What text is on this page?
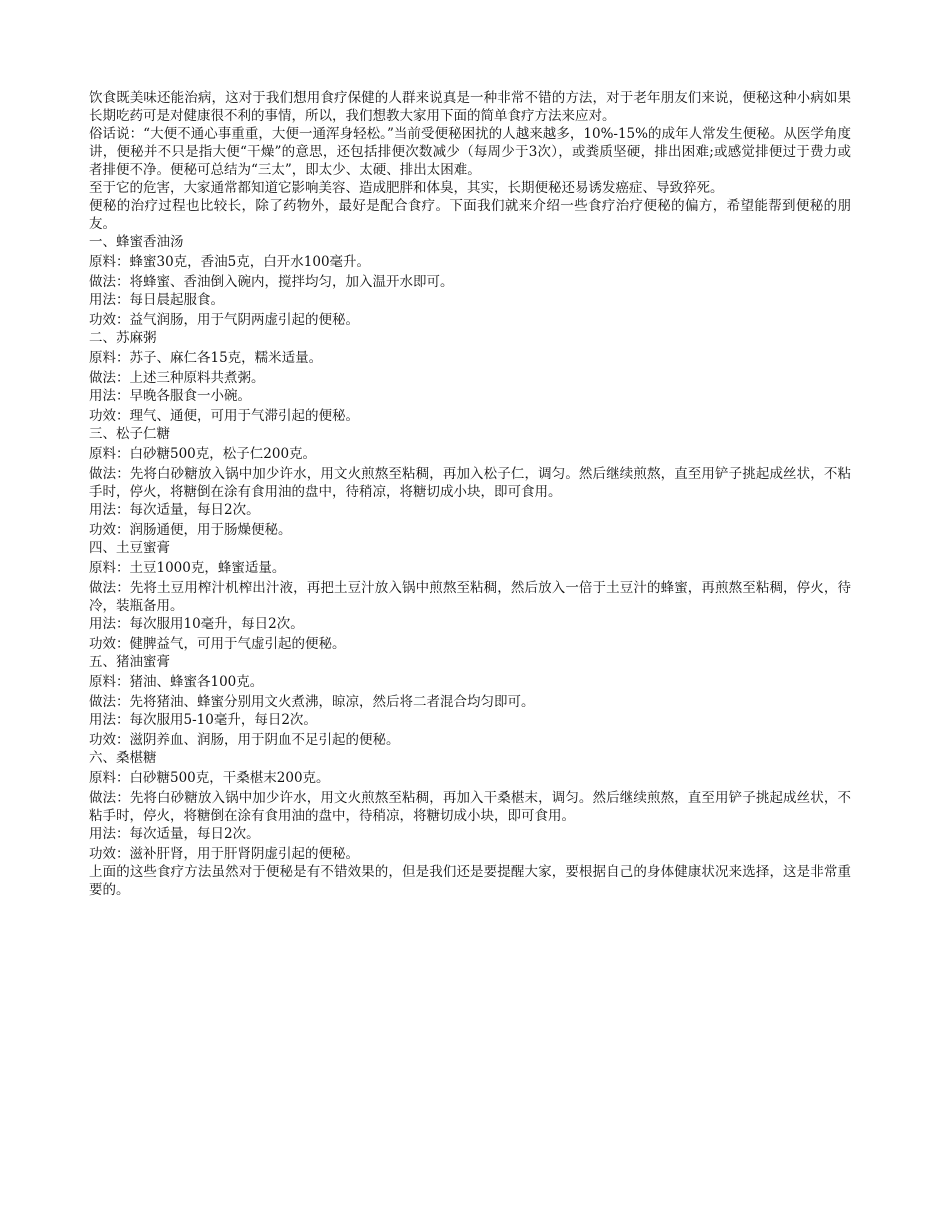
饮食既美味还能治病，这对于我们想用食疗保健的人群来说真是一种非常不错的方法，对于老年朋友们来说，便秘这种小病如果长期吃药可是对健康很不利的事情，所以，我们想教大家用下面的简单食疗方法来应对。

俗话说：“大便不通心事重重，大便一通浑身轻松。”当前受便秘困扰的人越来越多，10%-15%的成年人常发生便秘。从医学角度讲，便秘并不只是指大便“干燥”的意思，还包括排便次数减少（每周少于3次），或粪质坚硬，排出困难;或感觉排便过于费力或者排便不净。便秘可总结为“三太”，即太少、太硬、排出太困难。

至于它的危害，大家通常都知道它影响美容、造成肥胖和体臭，其实，长期便秘还易诱发癌症、导致猝死。

便秘的治疗过程也比较长，除了药物外，最好是配合食疗。下面我们就来介绍一些食疗治疗便秘的偏方，希望能帮到便秘的朋友。

一、蜂蜜香油汤

原料：蜂蜜30克，香油5克，白开水100毫升。

做法：将蜂蜜、香油倒入碗内，搅拌均匀，加入温开水即可。

用法：每日晨起服食。

功效：益气润肠，用于气阴两虚引起的便秘。

二、苏麻粥

原料：苏子、麻仁各15克，糯米适量。

做法：上述三种原料共煮粥。

用法：早晚各服食一小碗。

功效：理气、通便，可用于气滞引起的便秘。

三、松子仁糖

原料：白砂糖500克，松子仁200克。

做法：先将白砂糖放入锅中加少许水，用文火煎熬至粘稠，再加入松子仁，调匀。然后继续煎熬，直至用铲子挑起成丝状，不粘手时，停火，将糖倒在涂有食用油的盘中，待稍凉，将糖切成小块，即可食用。

用法：每次适量，每日2次。

功效：润肠通便，用于肠燥便秘。

四、土豆蜜膏

原料：土豆1000克，蜂蜜适量。

做法：先将土豆用榨汁机榨出汁液，再把土豆汁放入锅中煎熬至粘稠，然后放入一倍于土豆汁的蜂蜜，再煎熬至粘稠，停火，待冷，装瓶备用。

用法：每次服用10毫升，每日2次。

功效：健脾益气，可用于气虚引起的便秘。

五、猪油蜜膏

原料：猪油、蜂蜜各100克。

做法：先将猪油、蜂蜜分别用文火煮沸，晾凉，然后将二者混合均匀即可。

用法：每次服用5-10毫升，每日2次。

功效：滋阴养血、润肠，用于阴血不足引起的便秘。

六、桑椹糖

原料：白砂糖500克，干桑椹末200克。

做法：先将白砂糖放入锅中加少许水，用文火煎熬至粘稠，再加入干桑椹末，调匀。然后继续煎熬，直至用铲子挑起成丝状，不粘手时，停火，将糖倒在涂有食用油的盘中，待稍凉，将糖切成小块，即可食用。

用法：每次适量，每日2次。

功效：滋补肝肾，用于肝肾阴虚引起的便秘。

上面的这些食疗方法虽然对于便秘是有不错效果的，但是我们还是要提醒大家，要根据自己的身体健康状况来选择，这是非常重要的。
